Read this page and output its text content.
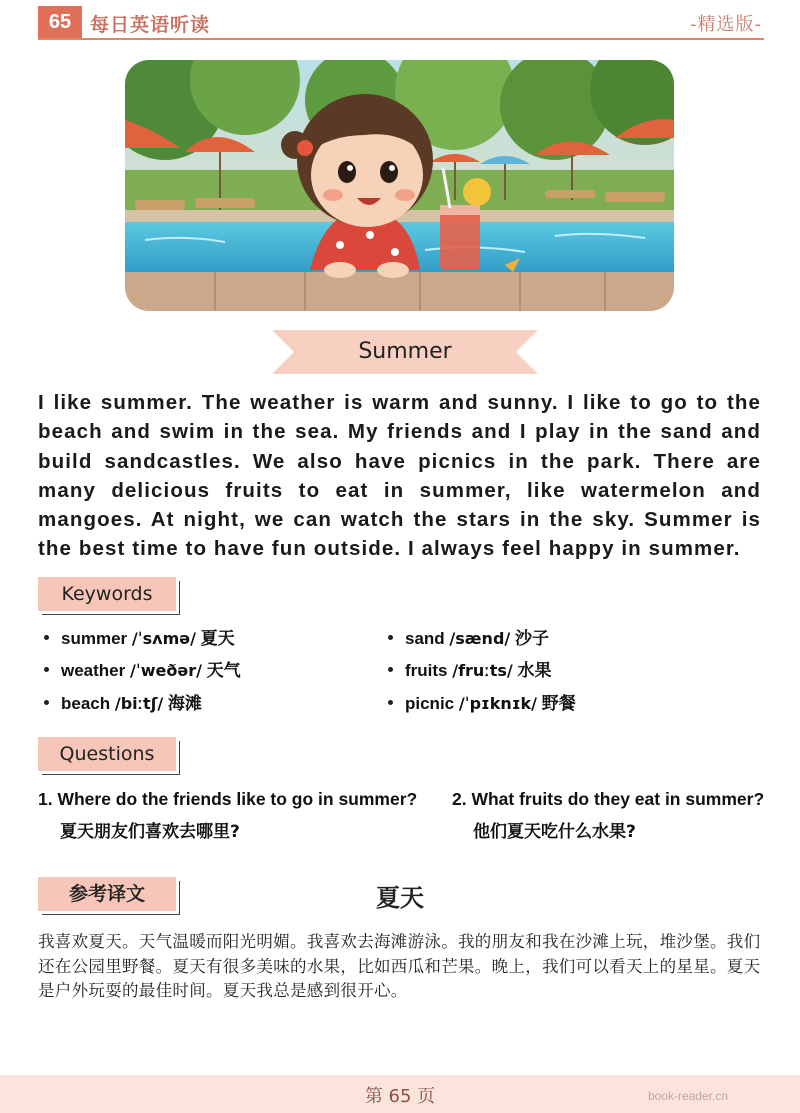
65 每日英语听读	-精选版-
Summer
I like summer. The weather is warm and sunny. I like to go to the beach and swim in the sea. My friends and I play in the sand and build sandcastles. We also have picnics in the park. There are many delicious fruits to eat in summer, like watermelon and mangoes. At night, we can watch the stars in the sky. Summer is the best time to have fun outside. I always feel happy in summer.
Keywords
summer /ˈsʌmə/ 夏天
weather /ˈweðər/ 天气
beach /biːtʃ/ 海滩
sand /sænd/ 沙子
fruits /fruːts/ 水果
picnic /ˈpɪknɪk/ 野餐
Questions
1. Where do the friends like to go in summer? 2. What fruits do they eat in summer?
夏天朋友们喜欢去哪里?	他们夏天吃什么水果?
参考译文	夏天
我喜欢夏天。天气温暖而阳光明媚。我喜欢去海滩游泳。我的朋友和我在沙滩上玩，堆沙堡。我们还在公园里野餐。夏天有很多美味的水果，比如西瓜和芒果。晚上，我们可以看天上的星星。夏天是户外玩耍的最佳时间。夏天我总是感到很开心。
第 65 页	book-reader.cn
